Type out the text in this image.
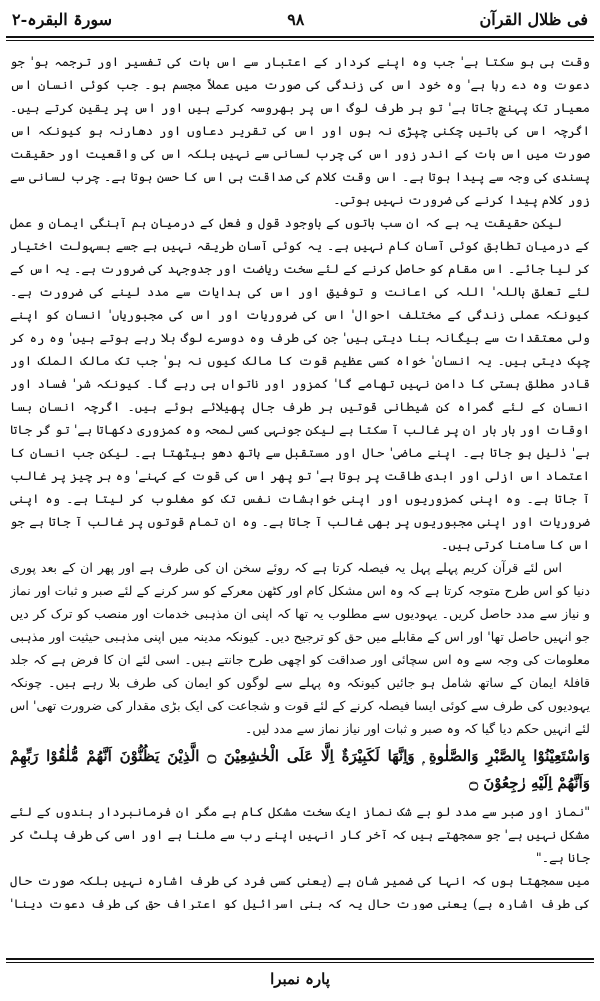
فی ظلال القرآن
۹۸
سورۃ البقرہ-۲

وقت ہی ہو سکتا ہے' جب وہ اپنے کردار کے اعتبار سے اس بات کی تفسیر اور ترجمہ ہو' جو دعوت وہ دے رہا ہے' وہ خود اس کی زندگی کی صورت میں عملاً مجسم ہو۔ جب کوئی انسان اس معیار تک پہنچ جاتا ہے' تو ہر طرف لوگ اس پر بھروسہ کرتے ہیں اور اس پر یقین کرتے ہیں۔ اگرچہ اس کی باتیں چکنی چپڑی نہ ہوں اور اس کی تقریر دعاوں اور دھارنہ ہو کیونکہ اس صورت میں اس بات کے اندر زور اس کی چرب لسانی سے نہیں بلکہ اس کی واقعیت اور حقیقت پسندی کی وجہ سے پیدا ہوتا ہے۔ اس وقت کلام کی صداقت ہی اس کا حسن ہوتا ہے۔ چرب لسانی سے زور کلام پیدا کرنے کی ضرورت نہیں ہوتی۔

لیکن حقیقت یہ ہے کہ ان سب باتوں کے باوجود قول و فعل کے درمیان ہم آہنگی ایمان و عمل کے درمیان تطابق کوئی آسان کام نہیں ہے۔ یہ کوئی آسان طریقہ نہیں ہے جسے بسہولت اختیار کر لیا جائے۔ اس مقام کو حاصل کرنے کے لئے سخت ریاضت اور جدوجہد کی ضرورت ہے۔ یہ اس کے لئے تعلق باللہ' اللہ کی اعانت و توفیق اور اس کی ہدایات سے مدد لینے کی ضرورت ہے۔ کیونکہ عملی زندگی کے مختلف احوال' اس کی ضروریات اور اس کی مجبوریاں' انسان کو اپنے ولی معتقدات سے بیگانہ بنا دیتی ہیں' جن کی طرف وہ دوسرے لوگ بلا رہے ہوتے ہیں' وہ رہ کر چپک دیتی ہیں۔ یہ انسان' خواہ کسی عظیم قوت کا مالک کیوں نہ ہو' جب تک مالک الملک اور قادر مطلق ہستی کا دامن نہیں تھامے گا' کمزور اور ناتواں ہی رہے گا۔ کیونکہ شر' فساد اور انسان کے لئے گمراہ کن شیطانی قوتیں ہر طرف جال پھیلائے ہوئے ہیں۔ اگرچہ انسان بسا اوقات اور بار بار ان پر غالب آ سکتا ہے لیکن جونہی کسی لمحہ وہ کمزوری دکھاتا ہے' تو گر جاتا ہے' ذلیل ہو جاتا ہے۔ اپنے ماضی' حال اور مستقبل سے ہاتھ دھو بیٹھتا ہے۔ لیکن جب انسان کا اعتماد اس ازلی اور ابدی طاقت پر ہوتا ہے' تو پھر اس کی قوت کے کہنے' وہ ہر چیز پر غالب آ جاتا ہے۔ وہ اپنی کمزوریوں اور اپنی خواہشات نفس تک کو مغلوب کر لیتا ہے۔ وہ اپنی ضروریات اور اپنی مجبوریوں پر بھی غالب آ جاتا ہے۔ وہ ان تمام قوتوں پر غالب آ جاتا ہے جو اس کا سامنا کرتی ہیں۔

اس لئے قرآن کریم پہلے پہل یہ فیصلہ کرتا ہے کہ روئے سخن ان کی طرف ہے اور پھر ان کے بعد پوری دنیا کو اس طرح متوجہ کرتا ہے کہ وہ اس مشکل کام اور کٹھن معرکے کو سر کرنے کے لئے صبر و ثبات اور نماز و نیاز سے مدد حاصل کریں۔ یہودیوں سے مطلوب یہ تھا کہ اپنی ان مذہبی خدمات اور منصب کو ترک کر دیں جو انہیں حاصل تھا' اور اس کے مقابلے میں حق کو ترجیح دیں۔ کیونکہ مدینہ میں اپنی مذہبی حیثیت اور مذہبی معلومات کی وجہ سے وہ اس سچائی اور صداقت کو اچھی طرح جانتے ہیں۔ اسی لئے ان کا فرض ہے کہ جلد قافلۂ ایمان کے ساتھ شامل ہو جائیں کیونکہ وہ پہلے سے لوگوں کو ایمان کی طرف بلا رہے ہیں۔ چونکہ یہودیوں کی طرف سے کوئی ایسا فیصلہ کرنے کے لئے قوت و شجاعت کی ایک بڑی مقدار کی ضرورت تھی' اس لئے انہیں حکم دیا گیا کہ وہ صبر و ثبات اور نیاز نماز سے مدد لیں۔

وَاسْتَعِيْنُوْا بِالصَّبْرِ وَالصَّلٰوةِ ۭ وَاِنَّهَا لَكَبِيْرَةٌ اِلَّا عَلَى الْخٰشِعِيْنَ ۝ الَّذِيْنَ يَظُنُّوْنَ اَنَّهُمْ مُّلٰقُوْا رَبِّهِمْ وَاَنَّهُمْ اِلَيْهِ رٰجِعُوْنَ ۝

"نماز اور صبر سے مدد لو بے شک نماز ایک سخت مشکل کام ہے مگر ان فرمانبردار بندوں کے لئے مشکل نہیں ہے' جو سمجھتے ہیں کہ آخر کار انہیں اپنے رب سے ملنا ہے اور اسی کی طرف پلٹ کر جانا ہے۔"

میں سمجھتا ہوں کہ انہا کی ضمیر شان ہے (یعنی کسی فرد کی طرف اشارہ نہیں بلکہ صورت حال کی طرف اشارہ ہے) یعنی صورت حال یہ کہ بنی اسرائیل کو اعتراف حق کی طرف دعوت دینا'

پارہ نمبرا
